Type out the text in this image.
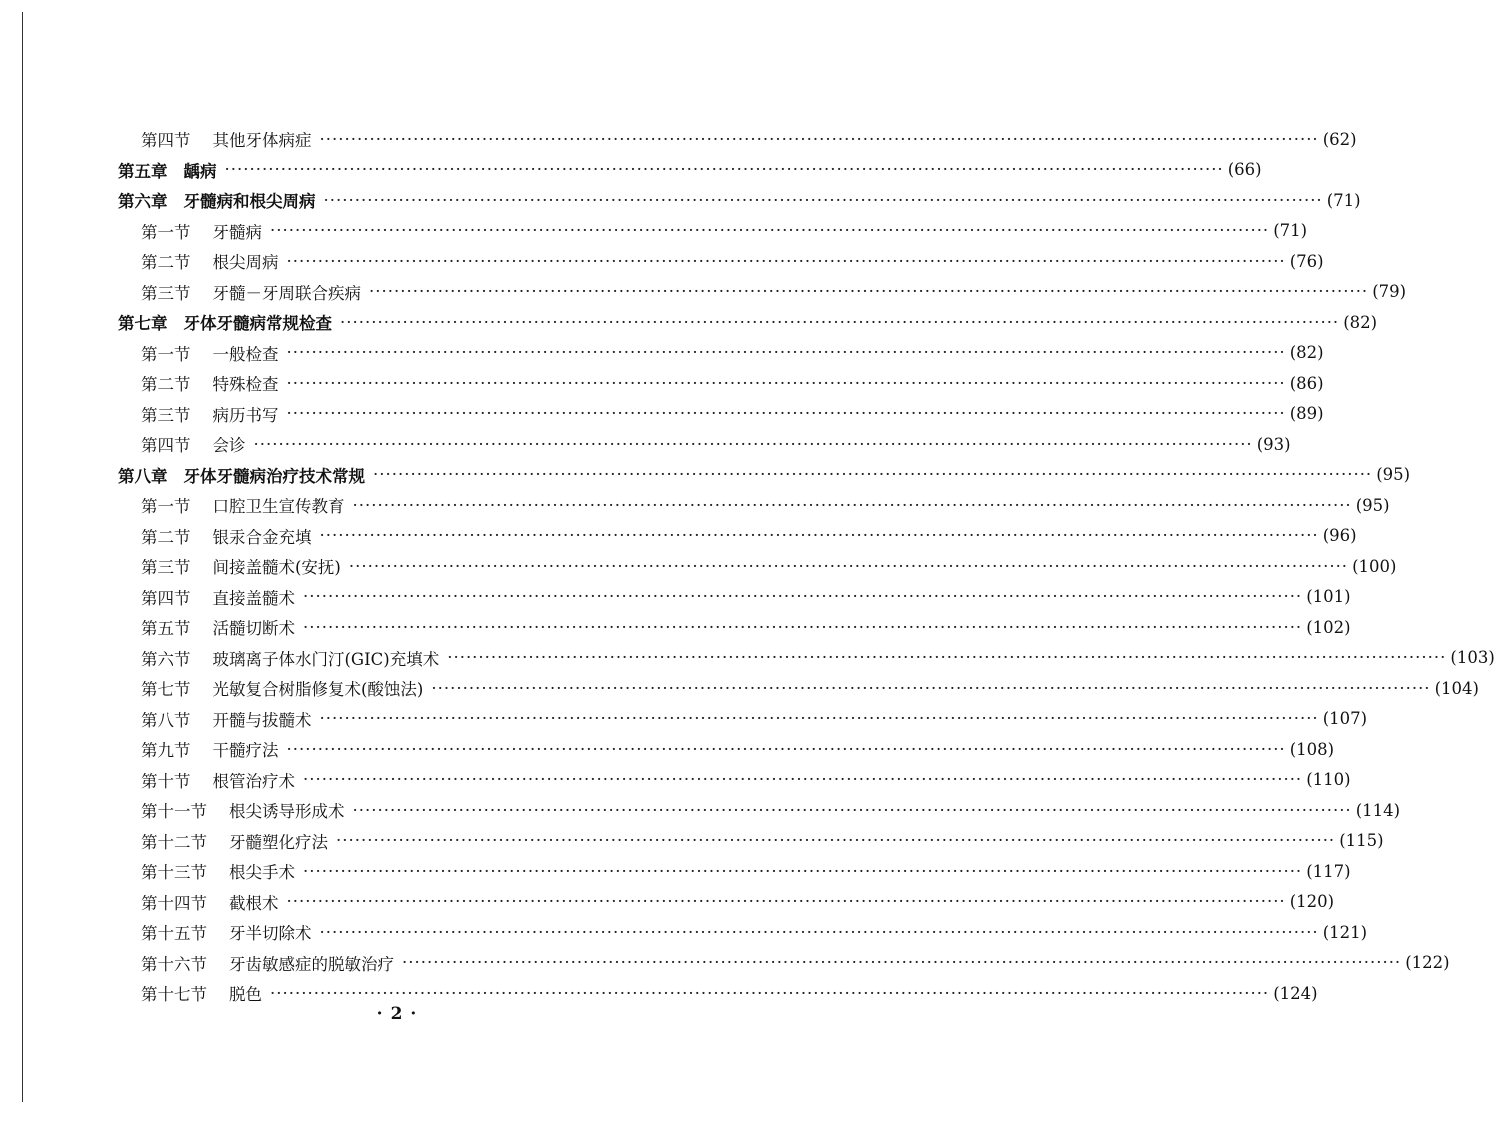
第四节 其他牙体病症 ································································································································································ (62)
第五章 龋病 ································································································································································ (66)
第六章 牙髓病和根尖周病 ································································································································································ (71)
第一节 牙髓病 ································································································································································ (71)
第二节 根尖周病 ································································································································································ (76)
第三节 牙髓－牙周联合疾病 ································································································································································ (79)
第七章 牙体牙髓病常规检查 ································································································································································ (82)
第一节 一般检查 ································································································································································ (82)
第二节 特殊检查 ································································································································································ (86)
第三节 病历书写 ································································································································································ (89)
第四节 会诊 ································································································································································ (93)
第八章 牙体牙髓病治疗技术常规 ································································································································································ (95)
第一节 口腔卫生宣传教育 ································································································································································ (95)
第二节 银汞合金充填 ································································································································································ (96)
第三节 间接盖髓术(安抚) ································································································································································ (100)
第四节 直接盖髓术 ································································································································································ (101)
第五节 活髓切断术 ································································································································································ (102)
第六节 玻璃离子体水门汀(GIC)充填术 ································································································································································ (103)
第七节 光敏复合树脂修复术(酸蚀法) ································································································································································ (104)
第八节 开髓与拔髓术 ································································································································································ (107)
第九节 干髓疗法 ································································································································································ (108)
第十节 根管治疗术 ································································································································································ (110)
第十一节 根尖诱导形成术 ································································································································································ (114)
第十二节 牙髓塑化疗法 ································································································································································ (115)
第十三节 根尖手术 ································································································································································ (117)
第十四节 截根术 ································································································································································ (120)
第十五节 牙半切除术 ································································································································································ (121)
第十六节 牙齿敏感症的脱敏治疗 ································································································································································ (122)
第十七节 脱色 ································································································································································ (124)
· 2 ·
